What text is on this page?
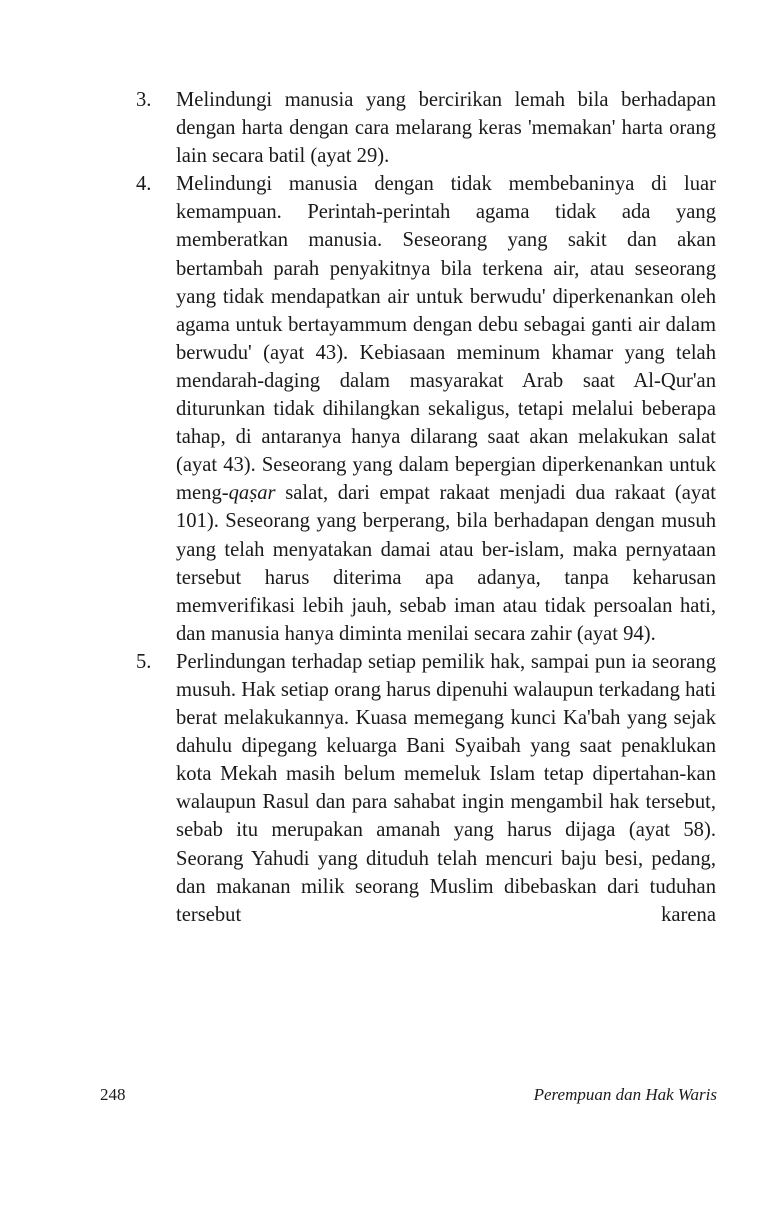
3.	Melindungi manusia yang bercirikan lemah bila berhadapan dengan harta dengan cara melarang keras 'memakan' harta orang lain secara batil (ayat 29).
4.	Melindungi manusia dengan tidak membebaninya di luar kemampuan. Perintah-perintah agama tidak ada yang memberatkan manusia. Seseorang yang sakit dan akan bertambah parah penyakitnya bila terkena air, atau seseorang yang tidak mendapatkan air untuk berwudu' diperkenankan oleh agama untuk bertayammum dengan debu sebagai ganti air dalam berwudu' (ayat 43). Kebiasaan meminum khamar yang telah mendarah-daging dalam masyarakat Arab saat Al-Qur'an diturunkan tidak dihilangkan sekaligus, tetapi melalui beberapa tahap, di antaranya hanya dilarang saat akan melakukan salat (ayat 43). Seseorang yang dalam bepergian diperkenankan untuk meng-qaṣar salat, dari empat rakaat menjadi dua rakaat (ayat 101). Seseorang yang berperang, bila berhadapan dengan musuh yang telah menyatakan damai atau ber-islam, maka pernyataan tersebut harus diterima apa adanya, tanpa keharusan memverifikasi lebih jauh, sebab iman atau tidak persoalan hati, dan manusia hanya diminta menilai secara zahir (ayat 94).
5.	Perlindungan terhadap setiap pemilik hak, sampai pun ia seorang musuh. Hak setiap orang harus dipenuhi walaupun terkadang hati berat melakukannya. Kuasa memegang kunci Ka'bah yang sejak dahulu dipegang keluarga Bani Syaibah yang saat penaklukan kota Mekah masih belum memeluk Islam tetap dipertahan-kan walaupun Rasul dan para sahabat ingin mengambil hak tersebut, sebab itu merupakan amanah yang harus dijaga (ayat 58). Seorang Yahudi yang dituduh telah mencuri baju besi, pedang, dan makanan milik seorang Muslim dibebaskan dari tuduhan tersebut karena
248	Perempuan dan Hak Waris
